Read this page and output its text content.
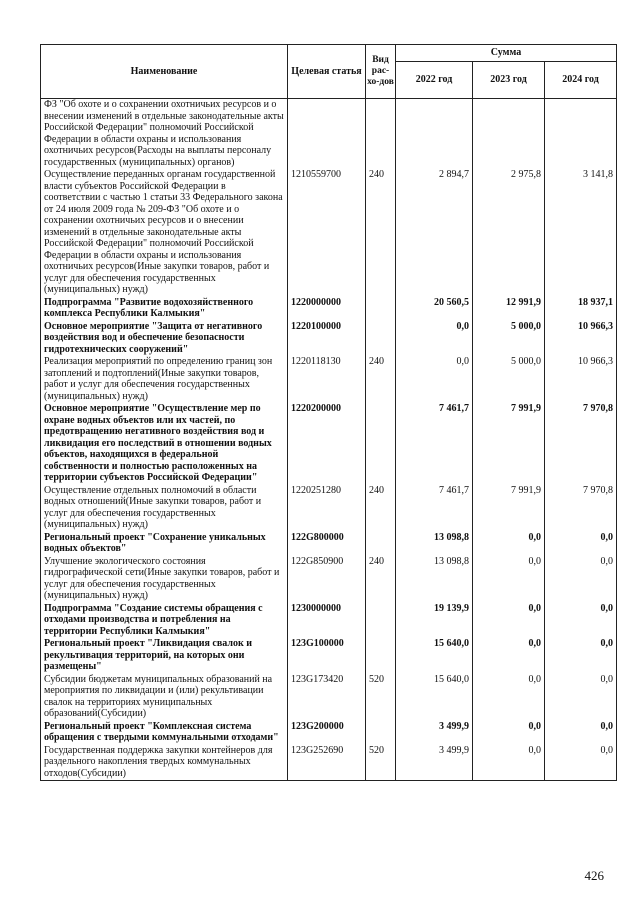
Наименование	Целевая статья	Вид рас-хо-дов	Сумма		
			2022 год	2023 год	2024 год
ФЗ "Об охоте и о сохранении охотничьих ресурсов и о внесении изменений в отдельные законодательные акты Российской Федерации" полномочий Российской Федерации в области охраны и использования охотничьих ресурсов(Расходы на выплаты персоналу государственных (муниципальных) органов)					
Осуществление переданных органам государственной власти субъектов Российской Федерации в соответствии с частью 1 статьи 33 Федерального закона от 24 июля 2009 года № 209-ФЗ "Об охоте и о сохранении охотничьих ресурсов и о внесении изменений в отдельные законодательные акты Российской Федерации" полномочий Российской Федерации в области охраны и использования охотничьих ресурсов(Иные закупки товаров, работ и услуг для обеспечения государственных (муниципальных) нужд)	1210559700	240	2 894,7	2 975,8	3 141,8
Подпрограмма "Развитие водохозяйственного комплекса Республики Калмыкия"	1220000000		20 560,5	12 991,9	18 937,1
Основное мероприятие "Защита от негативного воздействия вод и обеспечение безопасности гидротехнических сооружений"	1220100000		0,0	5 000,0	10 966,3
Реализация мероприятий по определению границ зон затоплений и подтоплений(Иные закупки товаров, работ и услуг для обеспечения государственных (муниципальных) нужд)	1220118130	240	0,0	5 000,0	10 966,3
Основное мероприятие "Осуществление мер по охране водных объектов или их частей, по предотвращению негативного воздействия вод и ликвидация его последствий в отношении водных объектов, находящихся в федеральной собственности и полностью расположенных на территории субъектов Российской Федерации"	1220200000		7 461,7	7 991,9	7 970,8
Осуществление отдельных полномочий в области водных отношений(Иные закупки товаров, работ и услуг для обеспечения государственных (муниципальных) нужд)	1220251280	240	7 461,7	7 991,9	7 970,8
Региональный проект "Сохранение уникальных водных объектов"	122G800000		13 098,8	0,0	0,0
Улучшение экологического состояния гидрографической сети(Иные закупки товаров, работ и услуг для обеспечения государственных (муниципальных) нужд)	122G850900	240	13 098,8	0,0	0,0
Подпрограмма "Создание системы обращения с отходами производства и потребления на территории Республики Калмыкия"	1230000000		19 139,9	0,0	0,0
Региональный проект "Ликвидация свалок и рекультивация территорий, на которых они размещены"	123G100000		15 640,0	0,0	0,0
Субсидии бюджетам муниципальных образований на мероприятия по ликвидации и (или) рекультивации свалок на территориях муниципальных образований(Субсидии)	123G173420	520	15 640,0	0,0	0,0
Региональный проект "Комплексная система обращения с твердыми коммунальными отходами"	123G200000		3 499,9	0,0	0,0
Государственная поддержка закупки контейнеров для раздельного накопления твердых коммунальных отходов(Субсидии)	123G252690	520	3 499,9	0,0	0,0
426
